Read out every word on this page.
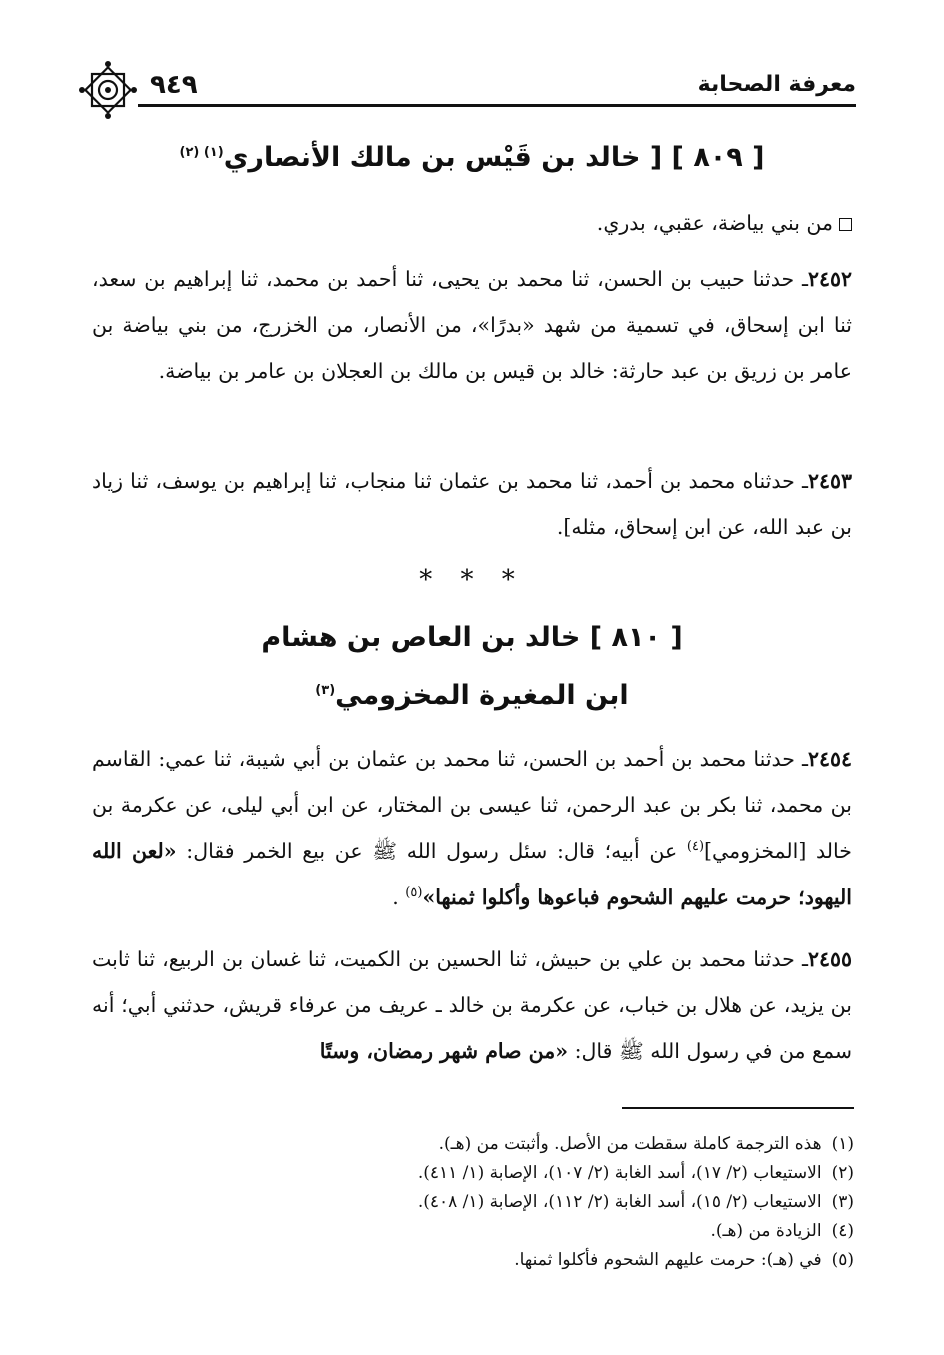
٩٤٩	معرفة الصحابة
[ ٨٠٩ ] [ خالد بن قَيْس بن مالك الأنصاري$^{(١) (٢)}$
من بني بياضة، عقبي، بدري.
٢٤٥٢ـ حدثنا حبيب بن الحسن، ثنا محمد بن يحيى، ثنا أحمد بن محمد، ثنا إبراهيم بن سعد، ثنا ابن إسحاق، في تسمية من شهد «بدرًا»، من الأنصار، من الخزرج، من بني بياضة بن عامر بن زريق بن عبد حارثة: خالد بن قيس بن مالك بن العجلان بن عامر بن بياضة.
٢٤٥٣ـ حدثناه محمد بن أحمد، ثنا محمد بن عثمان ثنا منجاب، ثنا إبراهيم بن يوسف، ثنا زياد بن عبد الله، عن ابن إسحاق، مثله].
* * *
[ ٨١٠ ] خالد بن العاص بن هشام
ابن المغيرة المخزومي$^{(٣)}$
٢٤٥٤ـ حدثنا محمد بن أحمد بن الحسن، ثنا محمد بن عثمان بن أبي شيبة، ثنا عمي: القاسم بن محمد، ثنا بكر بن عبد الرحمن، ثنا عيسى بن المختار، عن ابن أبي ليلى، عن عكرمة بن خالد [المخزومي]$^{(٤)}$ عن أبيه؛ قال: سئل رسول الله ﷺ عن بيع الخمر فقال: «لعن الله اليهود؛ حرمت عليهم الشحوم فباعوها وأكلوا ثمنها»$^{(٥)}$ .
٢٤٥٥ـ حدثنا محمد بن علي بن حبيش، ثنا الحسين بن الكميت، ثنا غسان بن الربيع، ثنا ثابت بن يزيد، عن هلال بن خباب، عن عكرمة بن خالد ـ عريف من عرفاء قريش، حدثني أبي؛ أنه سمع من في رسول الله ﷺ قال: «من صام شهر رمضان، وستًا
(١)هذه الترجمة كاملة سقطت من الأصل. وأثبتت من (هـ).
(٢)الاستيعاب (٢/ ١٧)، أسد الغابة (٢/ ١٠٧)، الإصابة (١/ ٤١١).
(٣)الاستيعاب (٢/ ١٥)، أسد الغابة (٢/ ١١٢)، الإصابة (١/ ٤٠٨).
(٤)الزيادة من (هـ).
(٥)في (هـ): حرمت عليهم الشحوم فأكلوا ثمنها.
